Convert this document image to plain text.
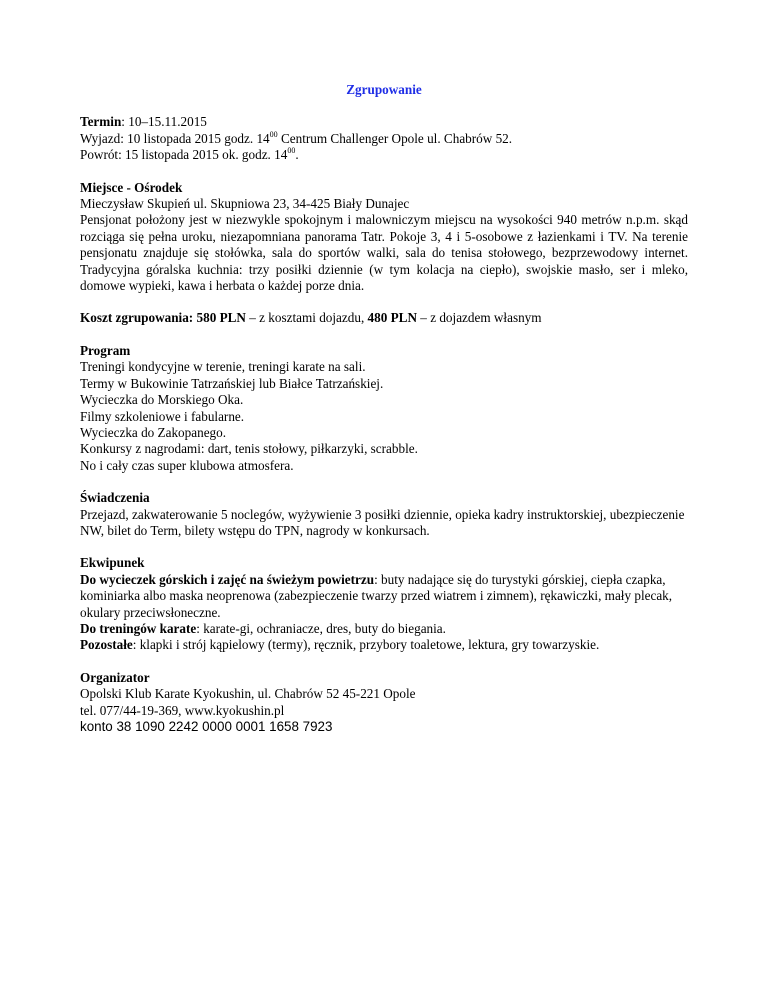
Zgrupowanie
Termin: 10–15.11.2015
Wyjazd: 10 listopada 2015 godz. $14^{00}$ Centrum Challenger Opole ul. Chabrów 52.
Powrót: 15 listopada 2015 ok. godz. $14^{00}$.
Miejsce - Ośrodek
Mieczysław Skupień ul. Skupniowa 23, 34-425 Biały Dunajec
Pensjonat położony jest w niezwykle spokojnym i malowniczym miejscu na wysokości 940 metrów n.p.m. skąd rozciąga się pełna uroku, niezapomniana panorama Tatr. Pokoje 3, 4 i 5-osobowe z łazienkami i TV. Na terenie pensjonatu znajduje się stołówka, sala do sportów walki, sala do tenisa stołowego, bezprzewodowy internet. Tradycyjna góralska kuchnia: trzy posiłki dziennie (w tym kolacja na ciepło), swojskie masło, ser i mleko, domowe wypieki, kawa i herbata o każdej porze dnia.
Koszt zgrupowania: 580 PLN – z kosztami dojazdu, 480 PLN – z dojazdem własnym
Program
Treningi kondycyjne w terenie, treningi karate na sali.
Termy w Bukowinie Tatrzańskiej lub Białce Tatrzańskiej.
Wycieczka do Morskiego Oka.
Filmy szkoleniowe i fabularne.
Wycieczka do Zakopanego.
Konkursy z nagrodami: dart, tenis stołowy, piłkarzyki, scrabble.
No i cały czas super klubowa atmosfera.
Świadczenia
Przejazd, zakwaterowanie 5 noclegów, wyżywienie 3 posiłki dziennie, opieka kadry instruktorskiej, ubezpieczenie NW, bilet do Term, bilety wstępu do TPN, nagrody w konkursach.
Ekwipunek
Do wycieczek górskich i zajęć na świeżym powietrzu: buty nadające się do turystyki górskiej, ciepła czapka, kominiarka albo maska neoprenowa (zabezpieczenie twarzy przed wiatrem i zimnem), rękawiczki, mały plecak, okulary przeciwsłoneczne.
Do treningów karate: karate-gi, ochraniacze, dres, buty do biegania.
Pozostałe: klapki i strój kąpielowy (termy), ręcznik, przybory toaletowe, lektura, gry towarzyskie.
Organizator
Opolski Klub Karate Kyokushin, ul. Chabrów 52 45-221 Opole
tel. 077/44-19-369, www.kyokushin.pl
konto 38 1090 2242 0000 0001 1658 7923
